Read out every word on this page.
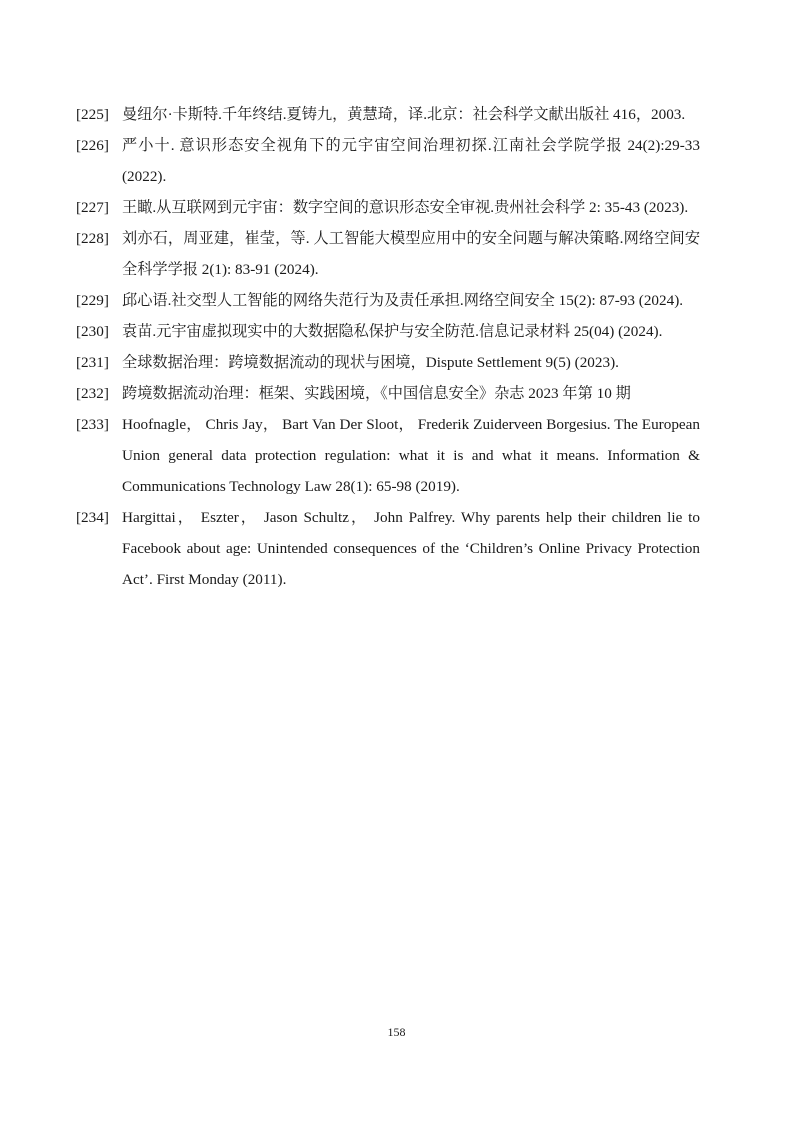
[225] 曼纽尔·卡斯特.千年终结.夏铸九，黄慧琦，译.北京：社会科学文献出版社 416，2003.
[226] 严小十. 意识形态安全视角下的元宇宙空间治理初探.江南社会学院学报 24(2):29-33 (2022).
[227] 王瞰.从互联网到元宇宙：数字空间的意识形态安全审视.贵州社会科学 2: 35-43 (2023).
[228] 刘亦石，周亚建，崔莹，等. 人工智能大模型应用中的安全问题与解决策略.网络空间安全科学学报 2(1): 83-91 (2024).
[229] 邱心语.社交型人工智能的网络失范行为及责任承担.网络空间安全 15(2): 87-93 (2024).
[230] 袁苗.元宇宙虚拟现实中的大数据隐私保护与安全防范.信息记录材料 25(04) (2024).
[231] 全球数据治理：跨境数据流动的现状与困境，Dispute Settlement 9(5) (2023).
[232] 跨境数据流动治理：框架、实践困境，《中国信息安全》杂志 2023 年第 10 期
[233] Hoofnagle， Chris Jay， Bart Van Der Sloot， Frederik Zuiderveen Borgesius. The European Union general data protection regulation: what it is and what it means. Information & Communications Technology Law 28(1): 65-98 (2019).
[234] Hargittai， Eszter， Jason Schultz， John Palfrey. Why parents help their children lie to Facebook about age: Unintended consequences of the ‘Children’s Online Privacy Protection Act’. First Monday (2011).
158
